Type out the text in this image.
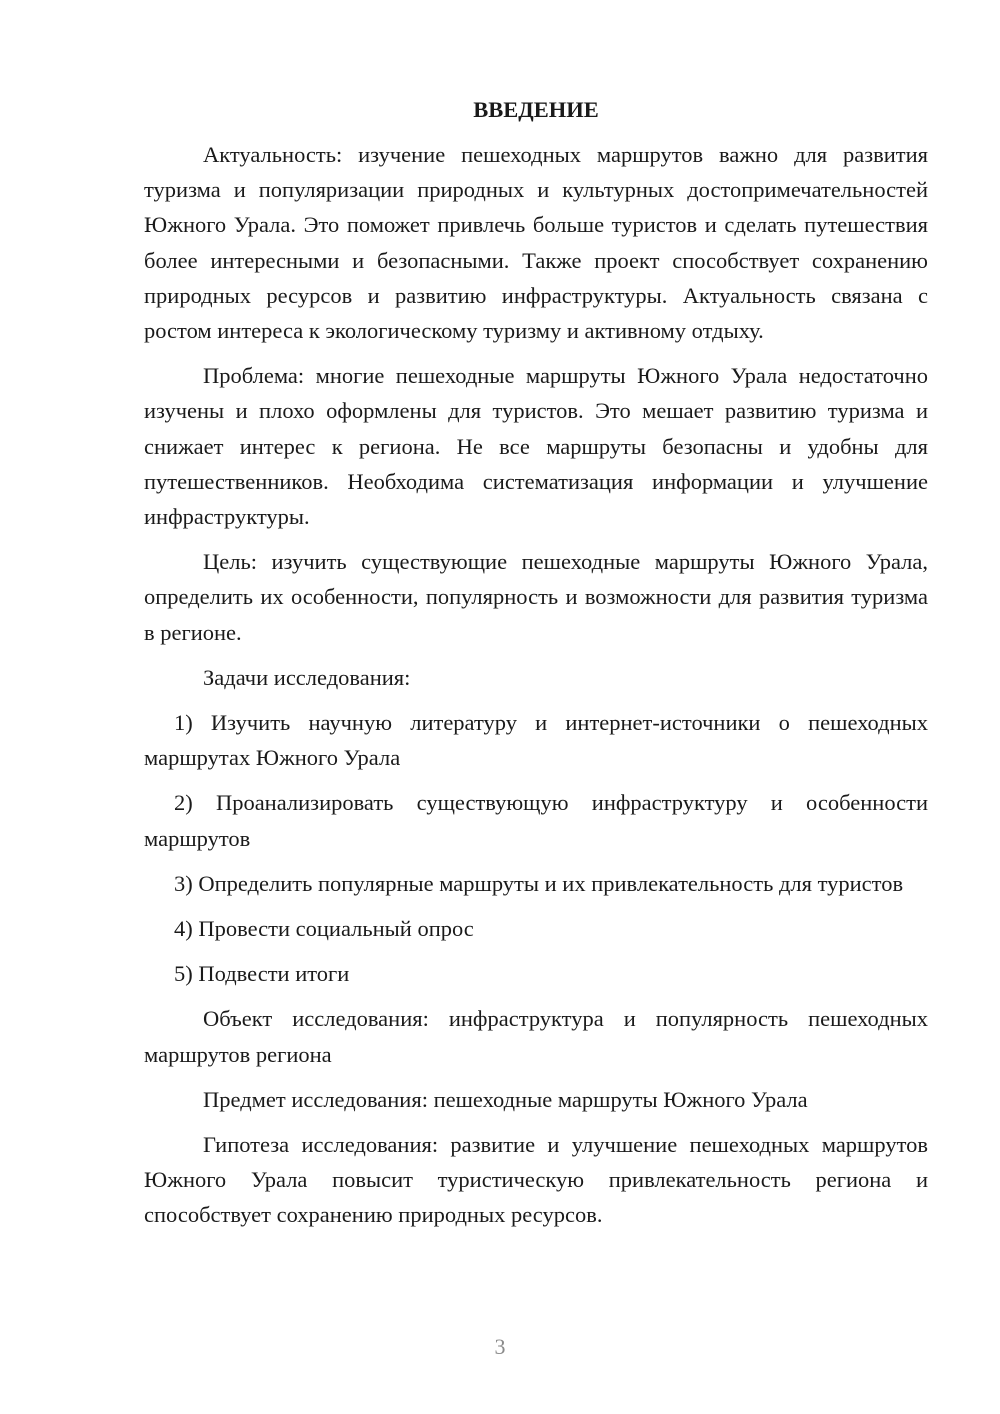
ВВЕДЕНИЕ

Актуальность: изучение пешеходных маршрутов важно для развития туризма и популяризации природных и культурных достопримечательностей Южного Урала. Это поможет привлечь больше туристов и сделать путешествия более интересными и безопасными. Также проект способствует сохранению природных ресурсов и развитию инфраструктуры. Актуальность связана с ростом интереса к экологическому туризму и активному отдыху.

Проблема: многие пешеходные маршруты Южного Урала недостаточно изучены и плохо оформлены для туристов. Это мешает развитию туризма и снижает интерес к региона. Не все маршруты безопасны и удобны для путешественников. Необходима систематизация информации и улучшение инфраструктуры.

Цель: изучить существующие пешеходные маршруты Южного Урала, определить их особенности, популярность и возможности для развития туризма в регионе.

Задачи исследования:

1) Изучить научную литературу и интернет-источники о пешеходных маршрутах Южного Урала

2) Проанализировать существующую инфраструктуру и особенности маршрутов

3) Определить популярные маршруты и их привлекательность для туристов

4) Провести социальный опрос

5) Подвести итоги

Объект исследования: инфраструктура и популярность пешеходных маршрутов региона

Предмет исследования: пешеходные маршруты Южного Урала

Гипотеза исследования: развитие и улучшение пешеходных маршрутов Южного Урала повысит туристическую привлекательность региона и способствует сохранению природных ресурсов.

3
